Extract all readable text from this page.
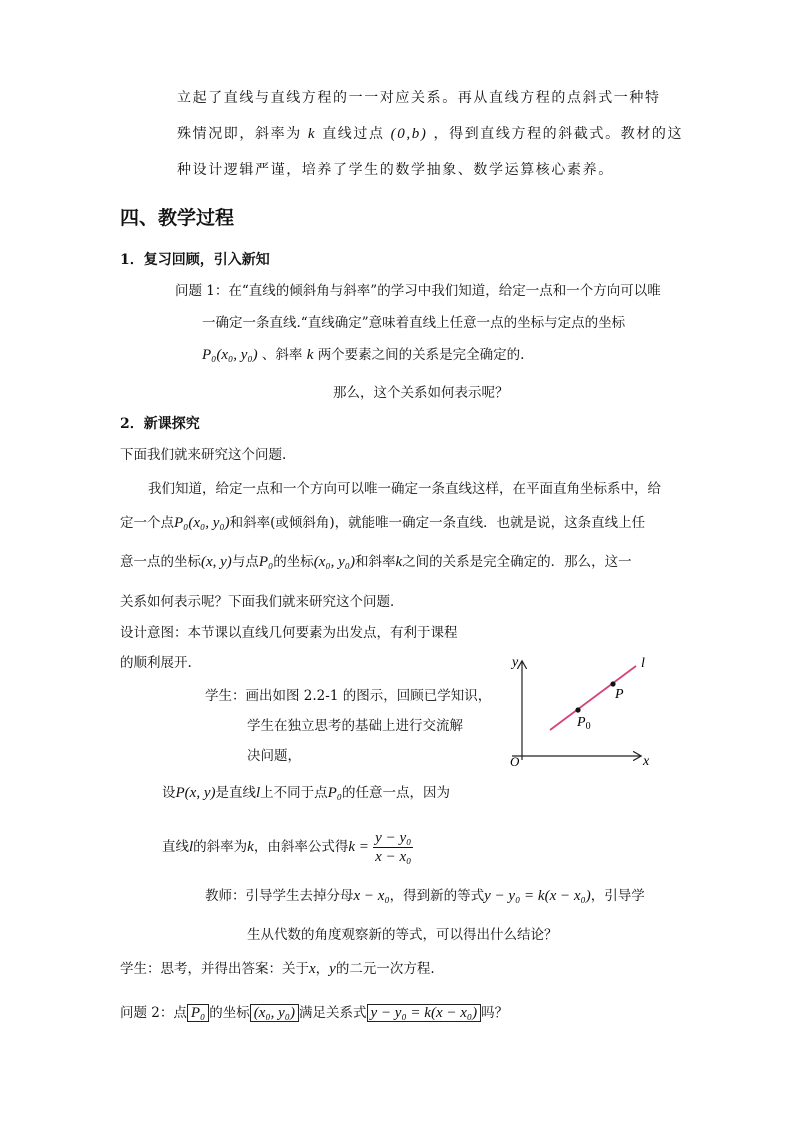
立起了直线与直线方程的一一对应关系。再从直线方程的点斜式一种特
殊情况即，斜率为 k 直线过点 (0,b) ，得到直线方程的斜截式。教材的这
种设计逻辑严谨，培养了学生的数学抽象、数学运算核心素养。
四、教学过程
1．复习回顾，引入新知
问题 1：在“直线的倾斜角与斜率”的学习中我们知道，给定一点和一个方向可以唯
一确定一条直线.“直线确定”意味着直线上任意一点的坐标与定点的坐标
P₀(x₀, y₀) 、斜率 k 两个要素之间的关系是完全确定的.
那么，这个关系如何表示呢？
2．新课探究
下面我们就来研究这个问题.
我们知道，给定一点和一个方向可以唯一确定一条直线这样，在平面直角坐标系中，给
定一个点P₀(x₀, y₀)和斜率(或倾斜角)，就能唯一确定一条直线．也就是说，这条直线上任
意一点的坐标(x, y)与点P₀的坐标(x₀, y₀)和斜率k之间的关系是完全确定的．那么，这一
关系如何表示呢？下面我们就来研究这个问题．
设计意图：本节课以直线几何要素为出发点，有利于课程
的顺利展开.
学生：画出如图 2.2-1 的图示，回顾已学知识，
学生在独立思考的基础上进行交流解
决问题，
设P(x, y)是直线l上不同于点P₀的任意一点，因为
直线l的斜率为k，由斜率公式得$k = \frac{\text{y − y₀}}{\text{x − x₀}}$
教师：引导学生去掉分母x − x₀，得到新的等式y − y₀ = k(x − x₀)，引导学
生从代数的角度观察新的等式，可以得出什么结论？
学生：思考，并得出答案：关于x，y的二元一次方程.
问题 2：点 P₀ 的坐标 (x₀, y₀) 满足关系式 y − y₀ = k(x − x₀) 吗？
y
x
O
l
P
$P_0$
